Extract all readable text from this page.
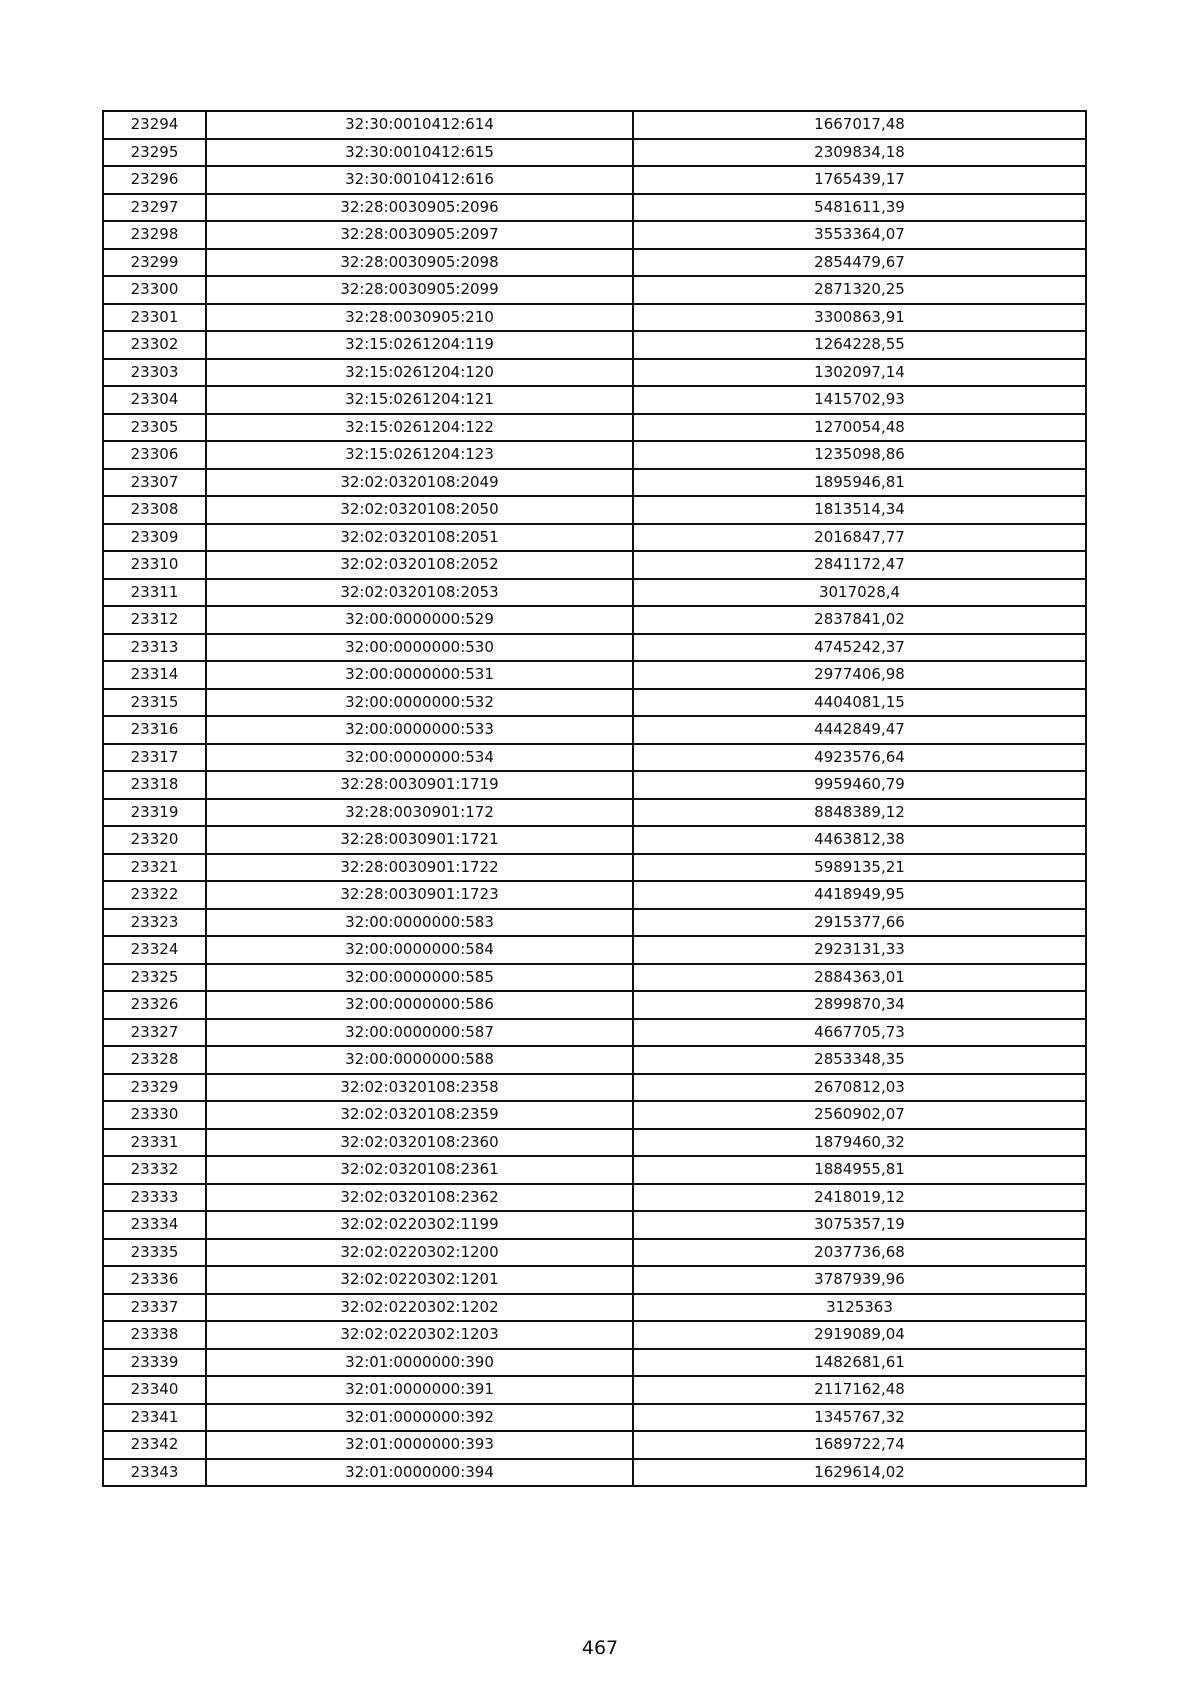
23294	32:30:0010412:614	1667017,48
23295	32:30:0010412:615	2309834,18
23296	32:30:0010412:616	1765439,17
23297	32:28:0030905:2096	5481611,39
23298	32:28:0030905:2097	3553364,07
23299	32:28:0030905:2098	2854479,67
23300	32:28:0030905:2099	2871320,25
23301	32:28:0030905:210	3300863,91
23302	32:15:0261204:119	1264228,55
23303	32:15:0261204:120	1302097,14
23304	32:15:0261204:121	1415702,93
23305	32:15:0261204:122	1270054,48
23306	32:15:0261204:123	1235098,86
23307	32:02:0320108:2049	1895946,81
23308	32:02:0320108:2050	1813514,34
23309	32:02:0320108:2051	2016847,77
23310	32:02:0320108:2052	2841172,47
23311	32:02:0320108:2053	3017028,4
23312	32:00:0000000:529	2837841,02
23313	32:00:0000000:530	4745242,37
23314	32:00:0000000:531	2977406,98
23315	32:00:0000000:532	4404081,15
23316	32:00:0000000:533	4442849,47
23317	32:00:0000000:534	4923576,64
23318	32:28:0030901:1719	9959460,79
23319	32:28:0030901:172	8848389,12
23320	32:28:0030901:1721	4463812,38
23321	32:28:0030901:1722	5989135,21
23322	32:28:0030901:1723	4418949,95
23323	32:00:0000000:583	2915377,66
23324	32:00:0000000:584	2923131,33
23325	32:00:0000000:585	2884363,01
23326	32:00:0000000:586	2899870,34
23327	32:00:0000000:587	4667705,73
23328	32:00:0000000:588	2853348,35
23329	32:02:0320108:2358	2670812,03
23330	32:02:0320108:2359	2560902,07
23331	32:02:0320108:2360	1879460,32
23332	32:02:0320108:2361	1884955,81
23333	32:02:0320108:2362	2418019,12
23334	32:02:0220302:1199	3075357,19
23335	32:02:0220302:1200	2037736,68
23336	32:02:0220302:1201	3787939,96
23337	32:02:0220302:1202	3125363
23338	32:02:0220302:1203	2919089,04
23339	32:01:0000000:390	1482681,61
23340	32:01:0000000:391	2117162,48
23341	32:01:0000000:392	1345767,32
23342	32:01:0000000:393	1689722,74
23343	32:01:0000000:394	1629614,02
467
